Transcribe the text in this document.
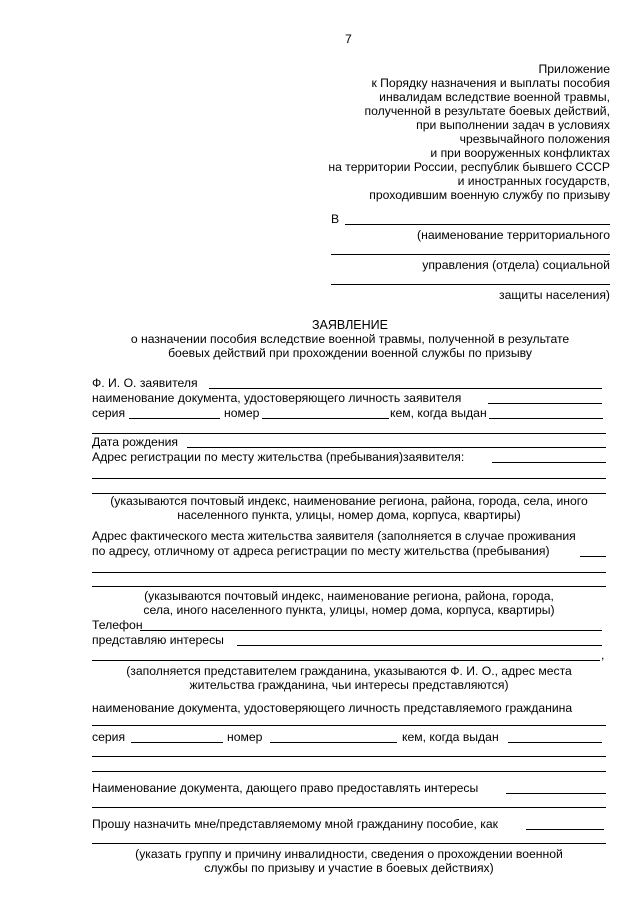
7
Приложение
к Порядку назначения и выплаты пособия
инвалидам вследствие военной травмы,
полученной в результате боевых действий,
при выполнении задач в условиях
чрезвычайного положения
и при вооруженных конфликтах
на территории России, республик бывшего СССР
и иностранных государств,
проходившим военную службу по призыву
В
(наименование территориального
управления (отдела) социальной
защиты населения)
ЗАЯВЛЕНИЕ
о назначении пособия вследствие военной травмы, полученной в результате
боевых действий при прохождении военной службы по призыву
Ф. И. О. заявителя
наименование документа, удостоверяющего личность заявителя
серия	номер	кем, когда выдан
Дата рождения
Адрес регистрации по месту жительства (пребывания)заявителя:
(указываются почтовый индекс, наименование региона, района, города, села, иного
населенного пункта, улицы, номер дома, корпуса, квартиры)
Адрес фактического места жительства заявителя (заполняется в случае проживания
по адресу, отличному от адреса регистрации по месту жительства (пребывания)
(указываются почтовый индекс, наименование региона, района, города,
села, иного населенного пункта, улицы, номер дома, корпуса, квартиры)
Телефон
представляю интересы
,
(заполняется представителем гражданина, указываются Ф. И. О., адрес места
жительства гражданина, чьи интересы представляются)
наименование документа, удостоверяющего личность представляемого гражданина
серия	номер	кем, когда выдан
Наименование документа, дающего право предоставлять интересы
Прошу назначить мне/представляемому мной гражданину пособие, как
(указать группу и причину инвалидности, сведения о прохождении военной
службы по призыву и участие в боевых действиях)
